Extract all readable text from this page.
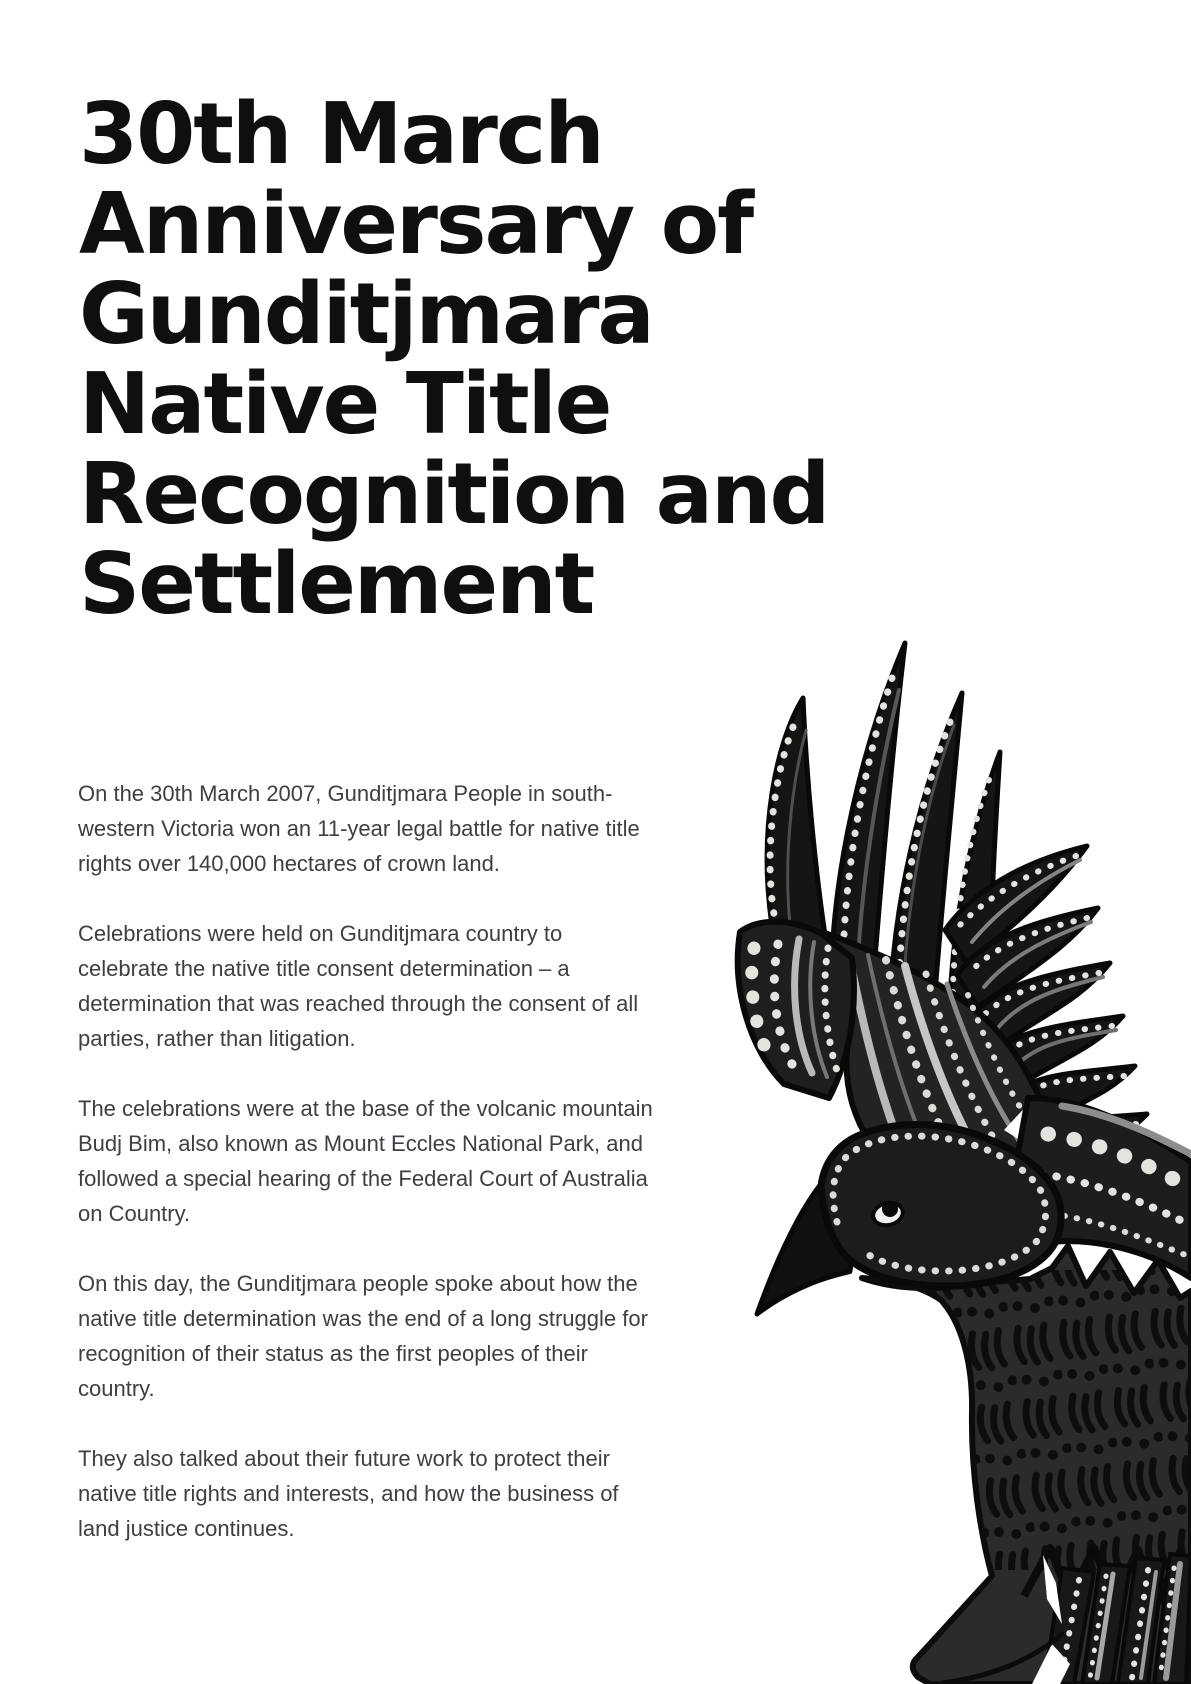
30th March
Anniversary of
Gunditjmara
Native Title
Recognition and
Settlement

On the 30th March 2007, Gunditjmara People in south-western Victoria won an 11-year legal battle for native title rights over 140,000 hectares of crown land.

Celebrations were held on Gunditjmara country to celebrate the native title consent determination – a determination that was reached through the consent of all parties, rather than litigation.

The celebrations were at the base of the volcanic mountain Budj Bim, also known as Mount Eccles National Park, and followed a special hearing of the Federal Court of Australia on Country.

On this day, the Gunditjmara people spoke about how the native title determination was the end of a long struggle for recognition of their status as the first peoples of their country.

They also talked about their future work to protect their native title rights and interests, and how the business of land justice continues.
